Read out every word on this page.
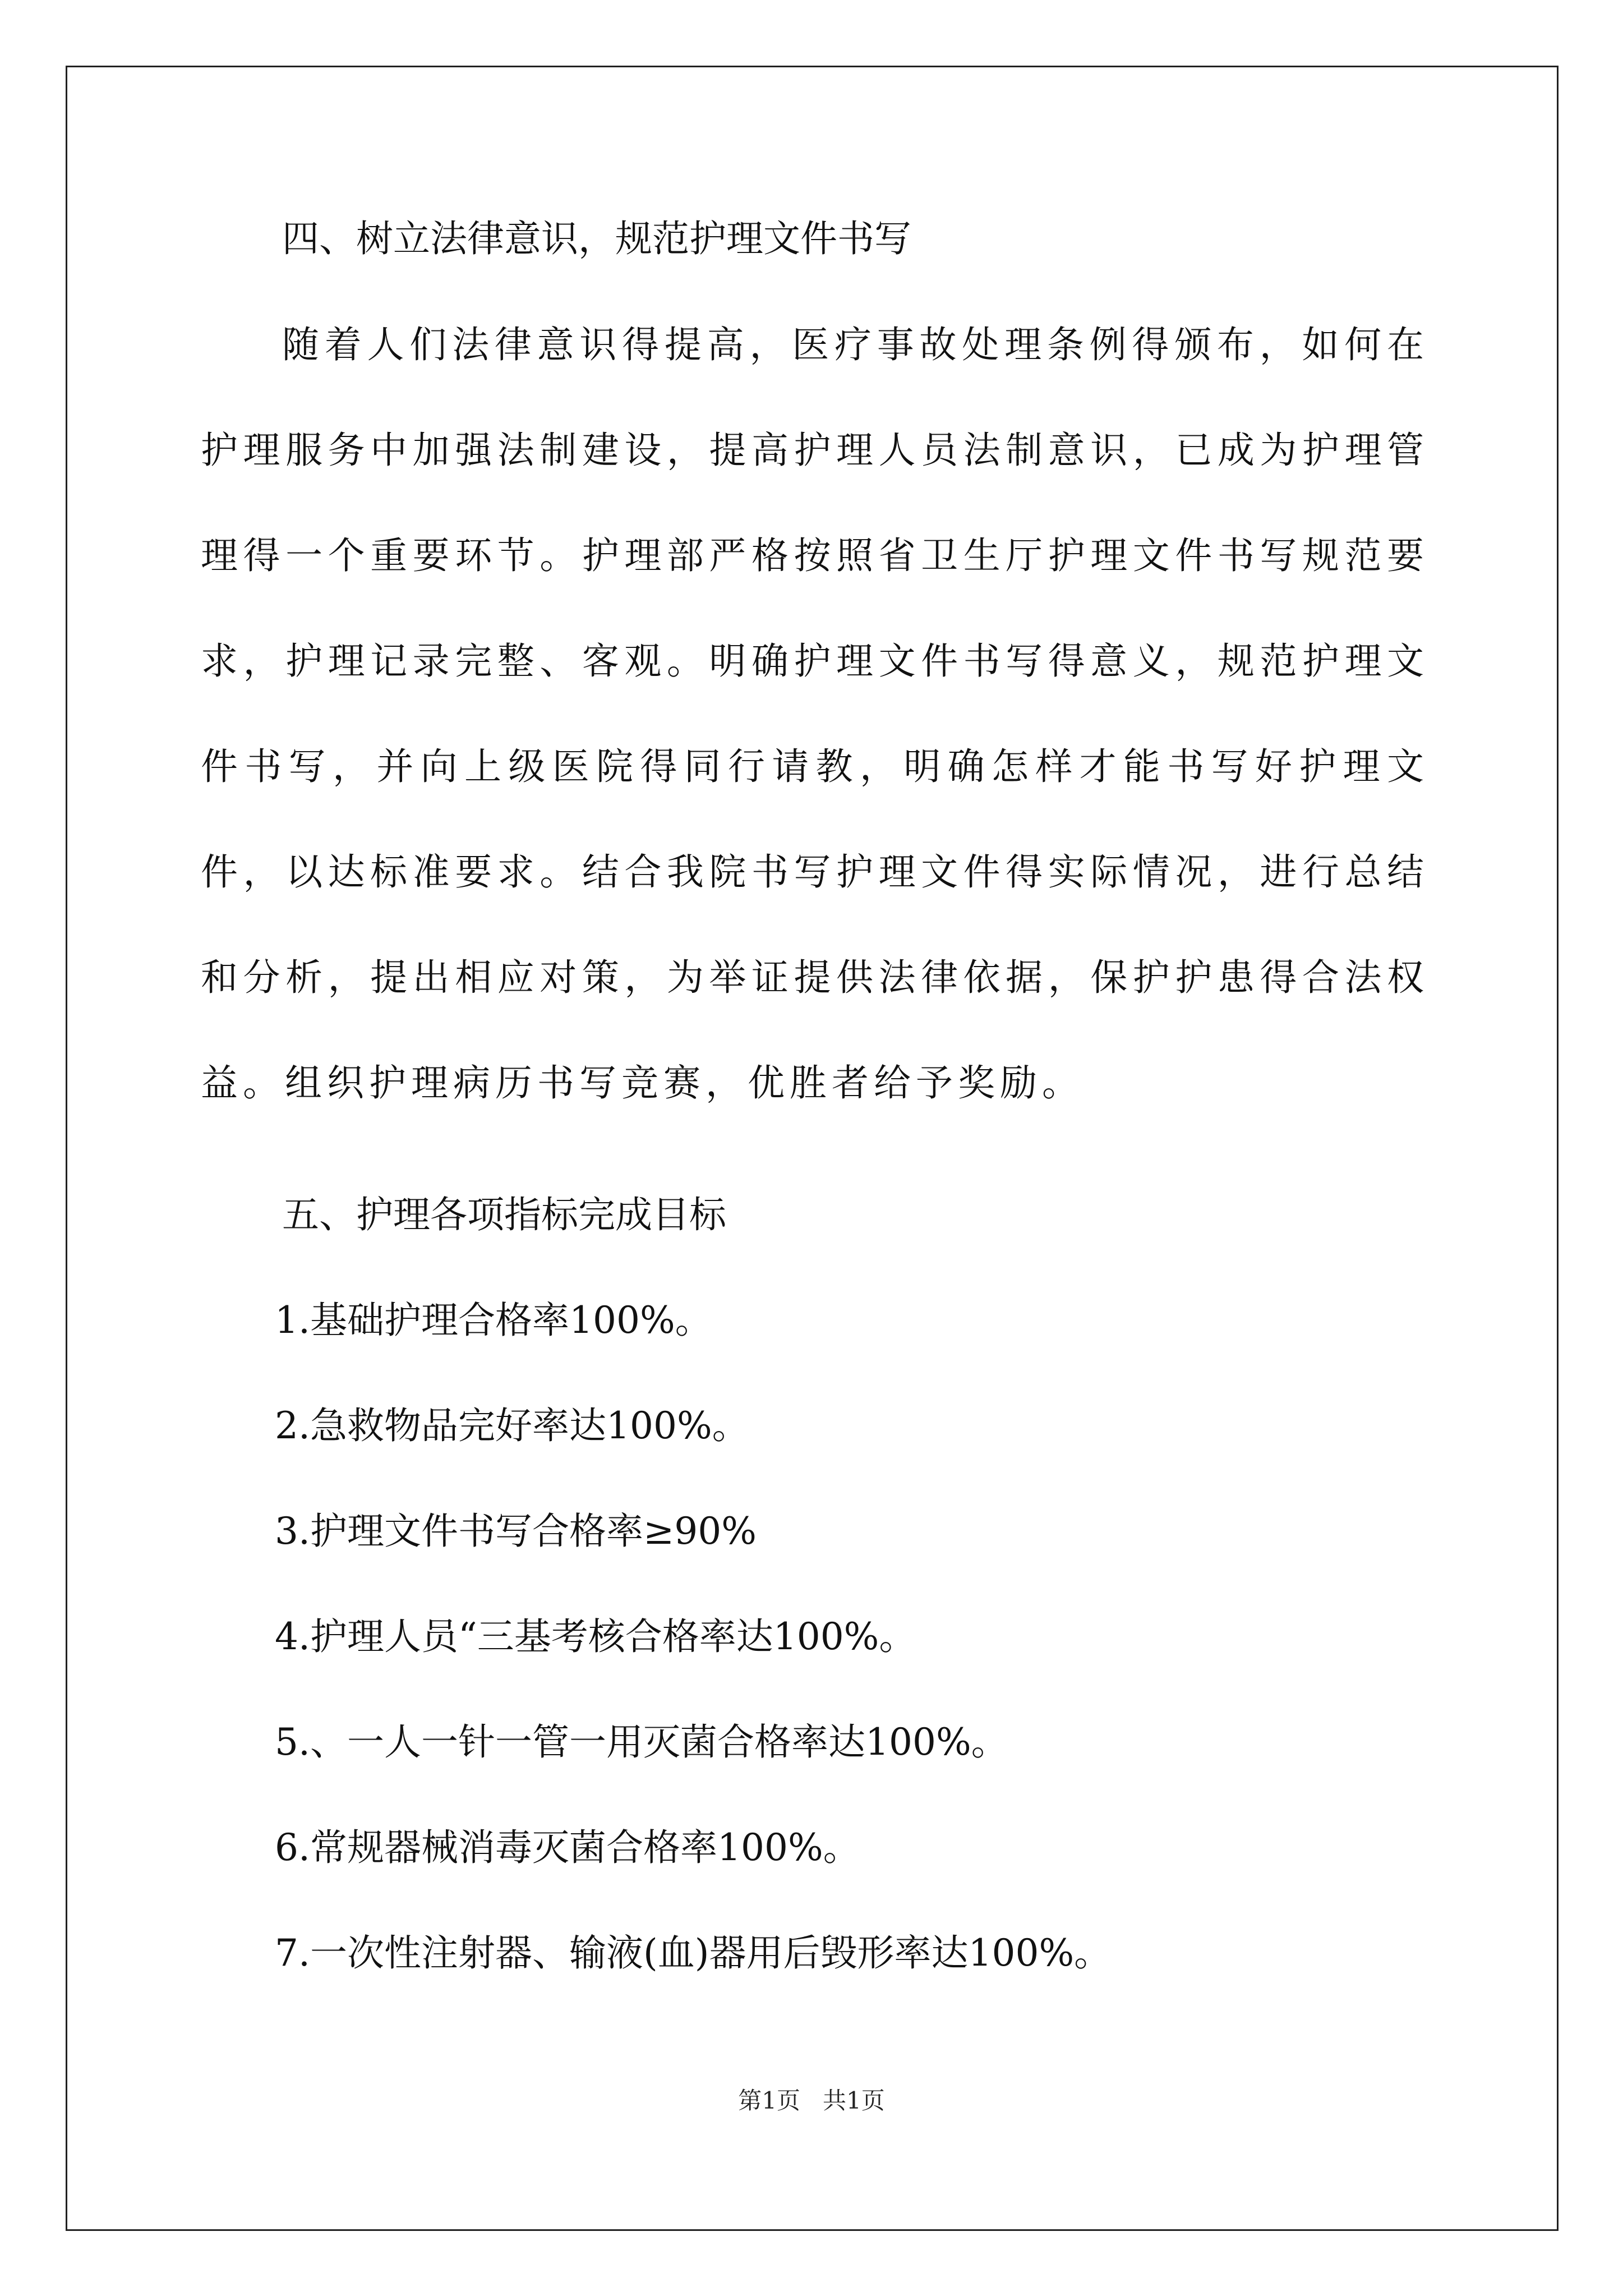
四、树立法律意识，规范护理文件书写

随着人们法律意识得提高，医疗事故处理条例得颁布，如何在护理服务中加强法制建设，提高护理人员法制意识，已成为护理管理得一个重要环节。护理部严格按照省卫生厅护理文件书写规范要求，护理记录完整、客观。明确护理文件书写得意义，规范护理文件书写，并向上级医院得同行请教，明确怎样才能书写好护理文件，以达标准要求。结合我院书写护理文件得实际情况，进行总结和分析，提出相应对策，为举证提供法律依据，保护护患得合法权益。组织护理病历书写竞赛，优胜者给予奖励。

五、护理各项指标完成目标

1.基础护理合格率100%。
2.急救物品完好率达100%。
3.护理文件书写合格率≥90%
4.护理人员“三基考核合格率达100%。
5.、一人一针一管一用灭菌合格率达100%。
6.常规器械消毒灭菌合格率100%。
7.一次性注射器、输液(血)器用后毁形率达100%。
第1页 共1页
